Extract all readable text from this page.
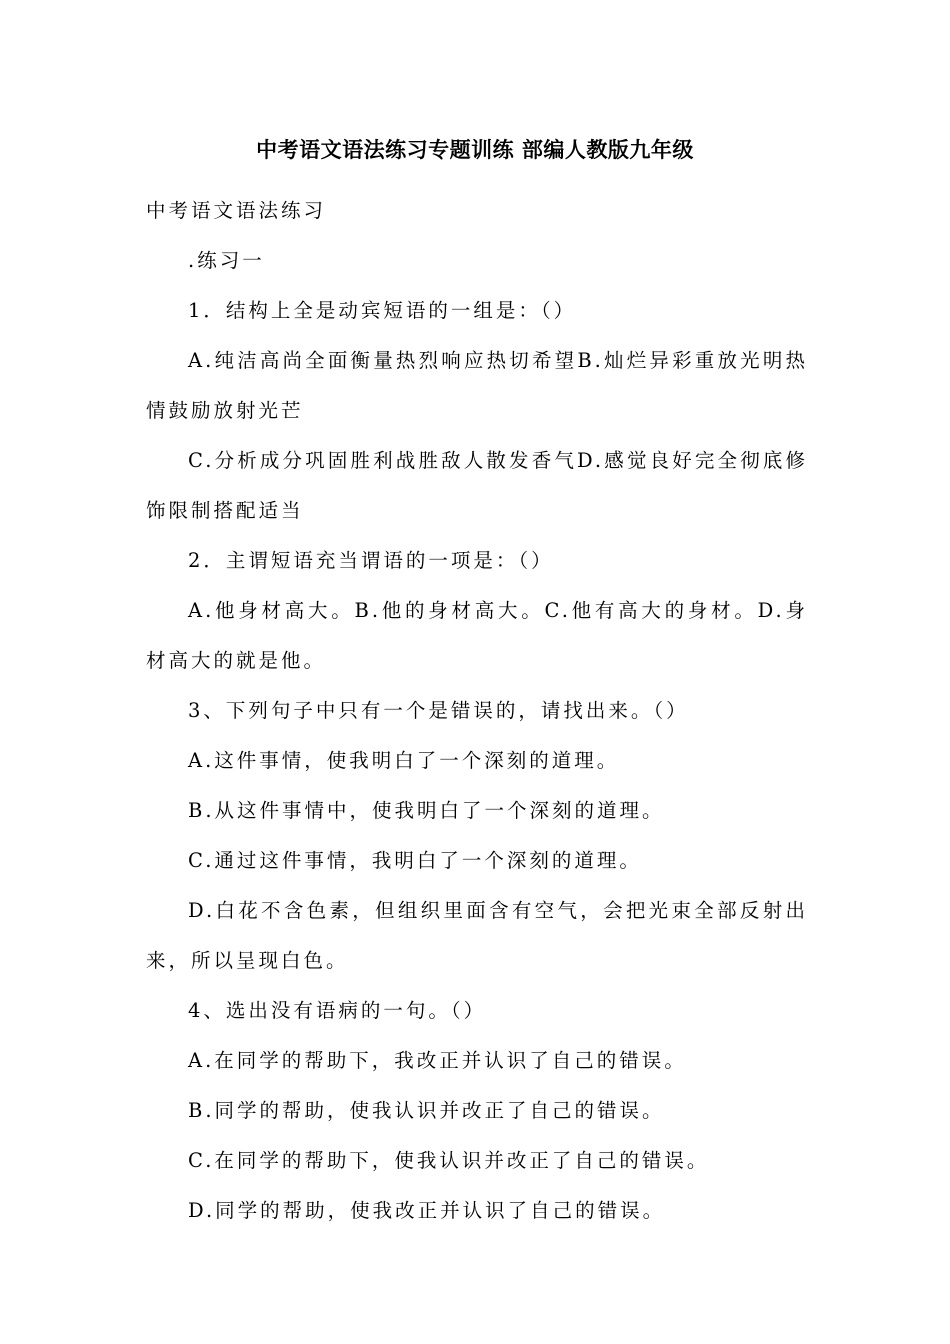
中考语文语法练习专题训练 部编人教版九年级

中考语文语法练习

.练习一

1．结构上全是动宾短语的一组是：（）

A.纯洁高尚全面衡量热烈响应热切希望B.灿烂异彩重放光明热情鼓励放射光芒

C.分析成分巩固胜利战胜敌人散发香气D.感觉良好完全彻底修饰限制搭配适当

2．主谓短语充当谓语的一项是：（）

A.他身材高大。B.他的身材高大。C.他有高大的身材。D.身材高大的就是他。

3、下列句子中只有一个是错误的，请找出来。（）

A.这件事情，使我明白了一个深刻的道理。

B.从这件事情中，使我明白了一个深刻的道理。

C.通过这件事情，我明白了一个深刻的道理。

D.白花不含色素，但组织里面含有空气，会把光束全部反射出来，所以呈现白色。

4、选出没有语病的一句。（）

A.在同学的帮助下，我改正并认识了自己的错误。

B.同学的帮助，使我认识并改正了自己的错误。

C.在同学的帮助下，使我认识并改正了自己的错误。

D.同学的帮助，使我改正并认识了自己的错误。
